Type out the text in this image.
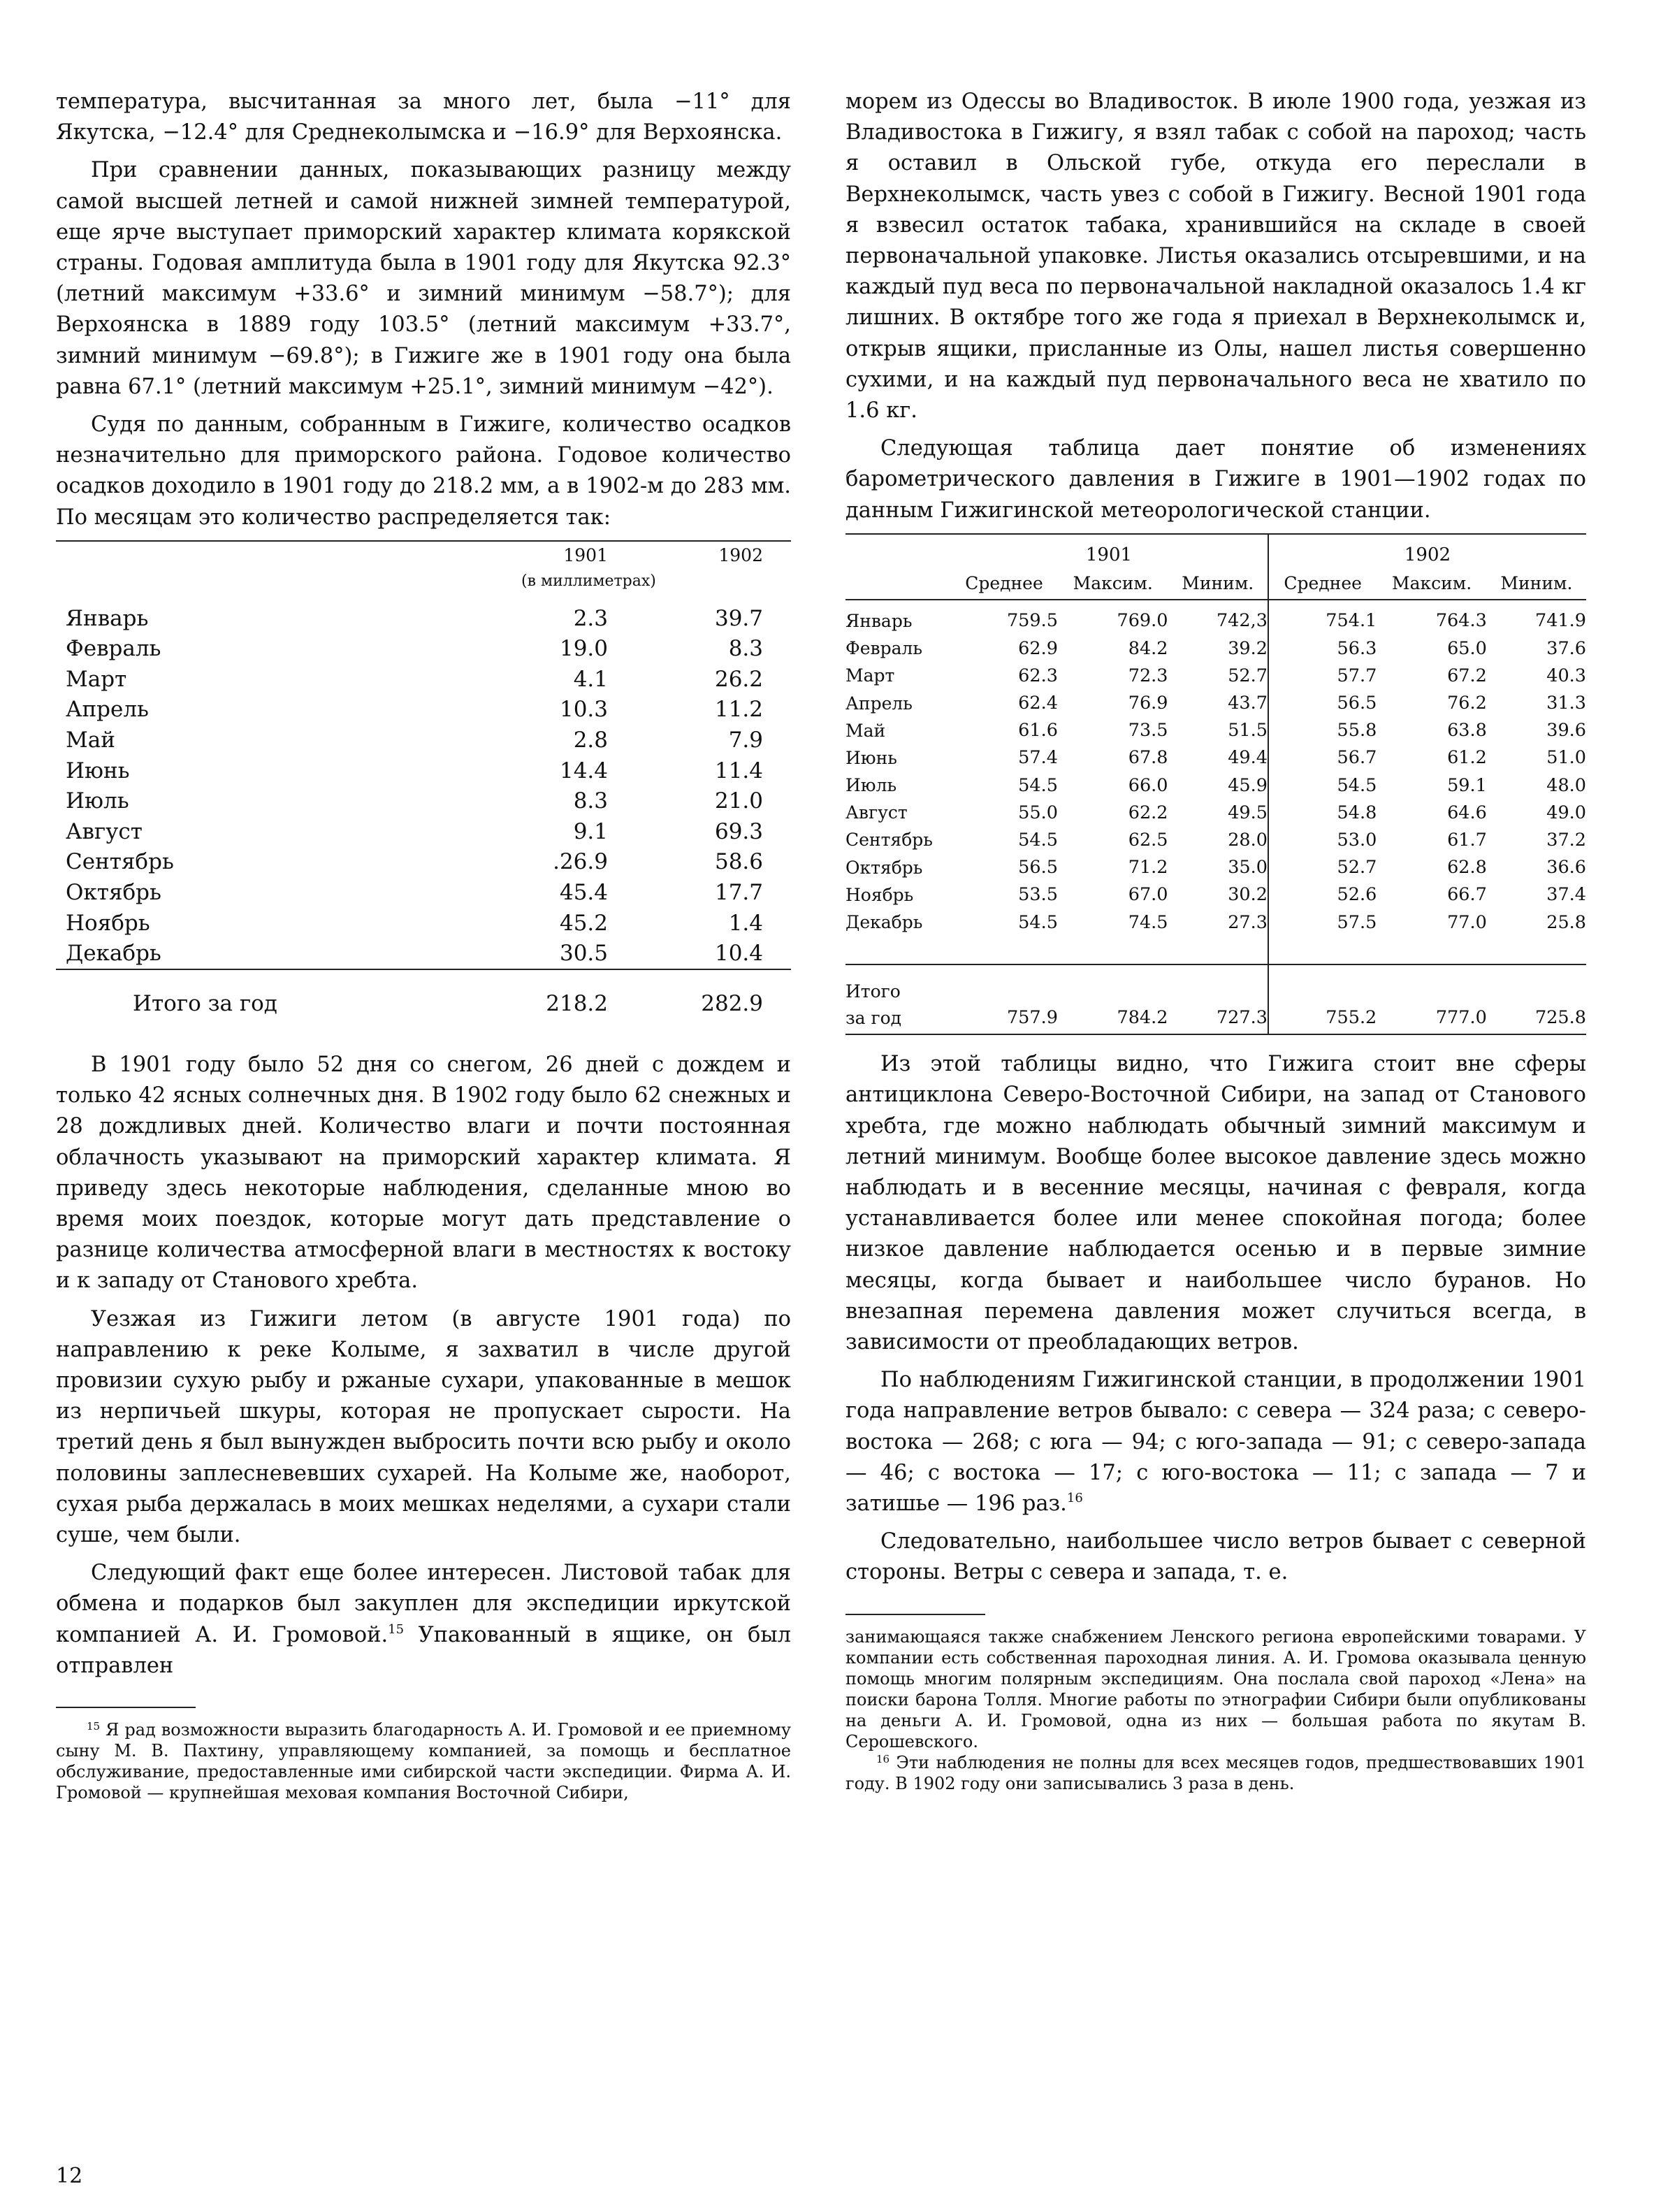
температура, высчитанная за много лет, была −11° для Якутска, −12.4° для Среднеколымска и −16.9° для Верхоянска.

При сравнении данных, показывающих разницу между самой высшей летней и самой нижней зимней температурой, еще ярче выступает приморский характер климата корякской страны. Годовая амплитуда была в 1901 году для Якутска 92.3° (летний максимум +33.6° и зимний минимум −58.7°); для Верхоянска в 1889 году 103.5° (летний максимум +33.7°, зимний минимум −69.8°); в Гижиге же в 1901 году она была равна 67.1° (летний максимум +25.1°, зимний минимум −42°).

Судя по данным, собранным в Гижиге, количество осадков незначительно для приморского района. Годовое количество осадков доходило в 1901 году до 218.2 мм, а в 1902-м до 283 мм. По месяцам это количество распределяется так:

	1901	1902
	(в миллиметрах)	
Январь	2.3	39.7
Февраль	19.0	8.3
Март	4.1	26.2
Апрель	10.3	11.2
Май	2.8	7.9
Июнь	14.4	11.4
Июль	8.3	21.0
Август	9.1	69.3
Сентябрь	.26.9	58.6
Октябрь	45.4	17.7
Ноябрь	45.2	1.4
Декабрь	30.5	10.4
Итого за год	218.2	282.9

В 1901 году было 52 дня со снегом, 26 дней с дождем и только 42 ясных солнечных дня. В 1902 году было 62 снежных и 28 дождливых дней. Количество влаги и почти постоянная облачность указывают на приморский характер климата. Я приведу здесь некоторые наблюдения, сделанные мною во время моих поездок, которые могут дать представление о разнице количества атмосферной влаги в местностях к востоку и к западу от Станового хребта.

Уезжая из Гижиги летом (в августе 1901 года) по направлению к реке Колыме, я захватил в числе другой провизии сухую рыбу и ржаные сухари, упакованные в мешок из нерпичьей шкуры, которая не пропускает сырости. На третий день я был вынужден выбросить почти всю рыбу и около половины заплесневевших сухарей. На Колыме же, наоборот, сухая рыба держалась в моих мешках неделями, а сухари стали суше, чем были.

Следующий факт еще более интересен. Листовой табак для обмена и подарков был закуплен для экспедиции иркутской компанией А. И. Громовой.$^{15}$ Упакованный в ящике, он был отправлен

$^{15}$ Я рад возможности выразить благодарность А. И. Громовой и ее приемному сыну М. В. Пахтину, управляющему компанией, за помощь и бесплатное обслуживание, предоставленные ими сибирской части экспедиции. Фирма А. И. Громовой — крупнейшая меховая компания Восточной Сибири,

морем из Одессы во Владивосток. В июле 1900 года, уезжая из Владивостока в Гижигу, я взял табак с собой на пароход; часть я оставил в Ольской губе, откуда его переслали в Верхнеколымск, часть увез с собой в Гижигу. Весной 1901 года я взвесил остаток табака, хранившийся на складе в своей первоначальной упаковке. Листья оказались отсыревшими, и на каждый пуд веса по первоначальной накладной оказалось 1.4 кг лишних. В октябре того же года я приехал в Верхнеколымск и, открыв ящики, присланные из Олы, нашел листья совершенно сухими, и на каждый пуд первоначального веса не хватило по 1.6 кг.

Следующая таблица дает понятие об изменениях барометрического давления в Гижиге в 1901—1902 годах по данным Гижигинской метеорологической станции.

	1901			1902		
	Среднее	Максим.	Миним.	Среднее	Максим.	Миним.
Январь	759.5	769.0	742,3	754.1	764.3	741.9
Февраль	62.9	84.2	39.2	56.3	65.0	37.6
Март	62.3	72.3	52.7	57.7	67.2	40.3
Апрель	62.4	76.9	43.7	56.5	76.2	31.3
Май	61.6	73.5	51.5	55.8	63.8	39.6
Июнь	57.4	67.8	49.4	56.7	61.2	51.0
Июль	54.5	66.0	45.9	54.5	59.1	48.0
Август	55.0	62.2	49.5	54.8	64.6	49.0
Сентябрь	54.5	62.5	28.0	53.0	61.7	37.2
Октябрь	56.5	71.2	35.0	52.7	62.8	36.6
Ноябрь	53.5	67.0	30.2	52.6	66.7	37.4
Декабрь	54.5	74.5	27.3	57.5	77.0	25.8

Итого						
за год	757.9	784.2	727.3	755.2	777.0	725.8

Из этой таблицы видно, что Гижига стоит вне сферы антициклона Северо-Восточной Сибири, на запад от Станового хребта, где можно наблюдать обычный зимний максимум и летний минимум. Вообще более высокое давление здесь можно наблюдать и в весенние месяцы, начиная с февраля, когда устанавливается более или менее спокойная погода; более низкое давление наблюдается осенью и в первые зимние месяцы, когда бывает и наибольшее число буранов. Но внезапная перемена давления может случиться всегда, в зависимости от преобладающих ветров.

По наблюдениям Гижигинской станции, в продолжении 1901 года направление ветров бывало: с севера — 324 раза; с северо-востока — 268; с юга — 94; с юго-запада — 91; с северо-запада — 46; с востока — 17; с юго-востока — 11; с запада — 7 и затишье — 196 раз.$^{16}$

Следовательно, наибольшее число ветров бывает с северной стороны. Ветры с севера и запада, т. е.

занимающаяся также снабжением Ленского региона европейскими товарами. У компании есть собственная пароходная линия. А. И. Громова оказывала ценную помощь многим полярным экспедициям. Она послала свой пароход «Лена» на поиски барона Толля. Многие работы по этнографии Сибири были опубликованы на деньги А. И. Громовой, одна из них — большая работа по якутам В. Серошевского.

$^{16}$ Эти наблюдения не полны для всех месяцев годов, предшествовавших 1901 году. В 1902 году они записывались 3 раза в день.

12
